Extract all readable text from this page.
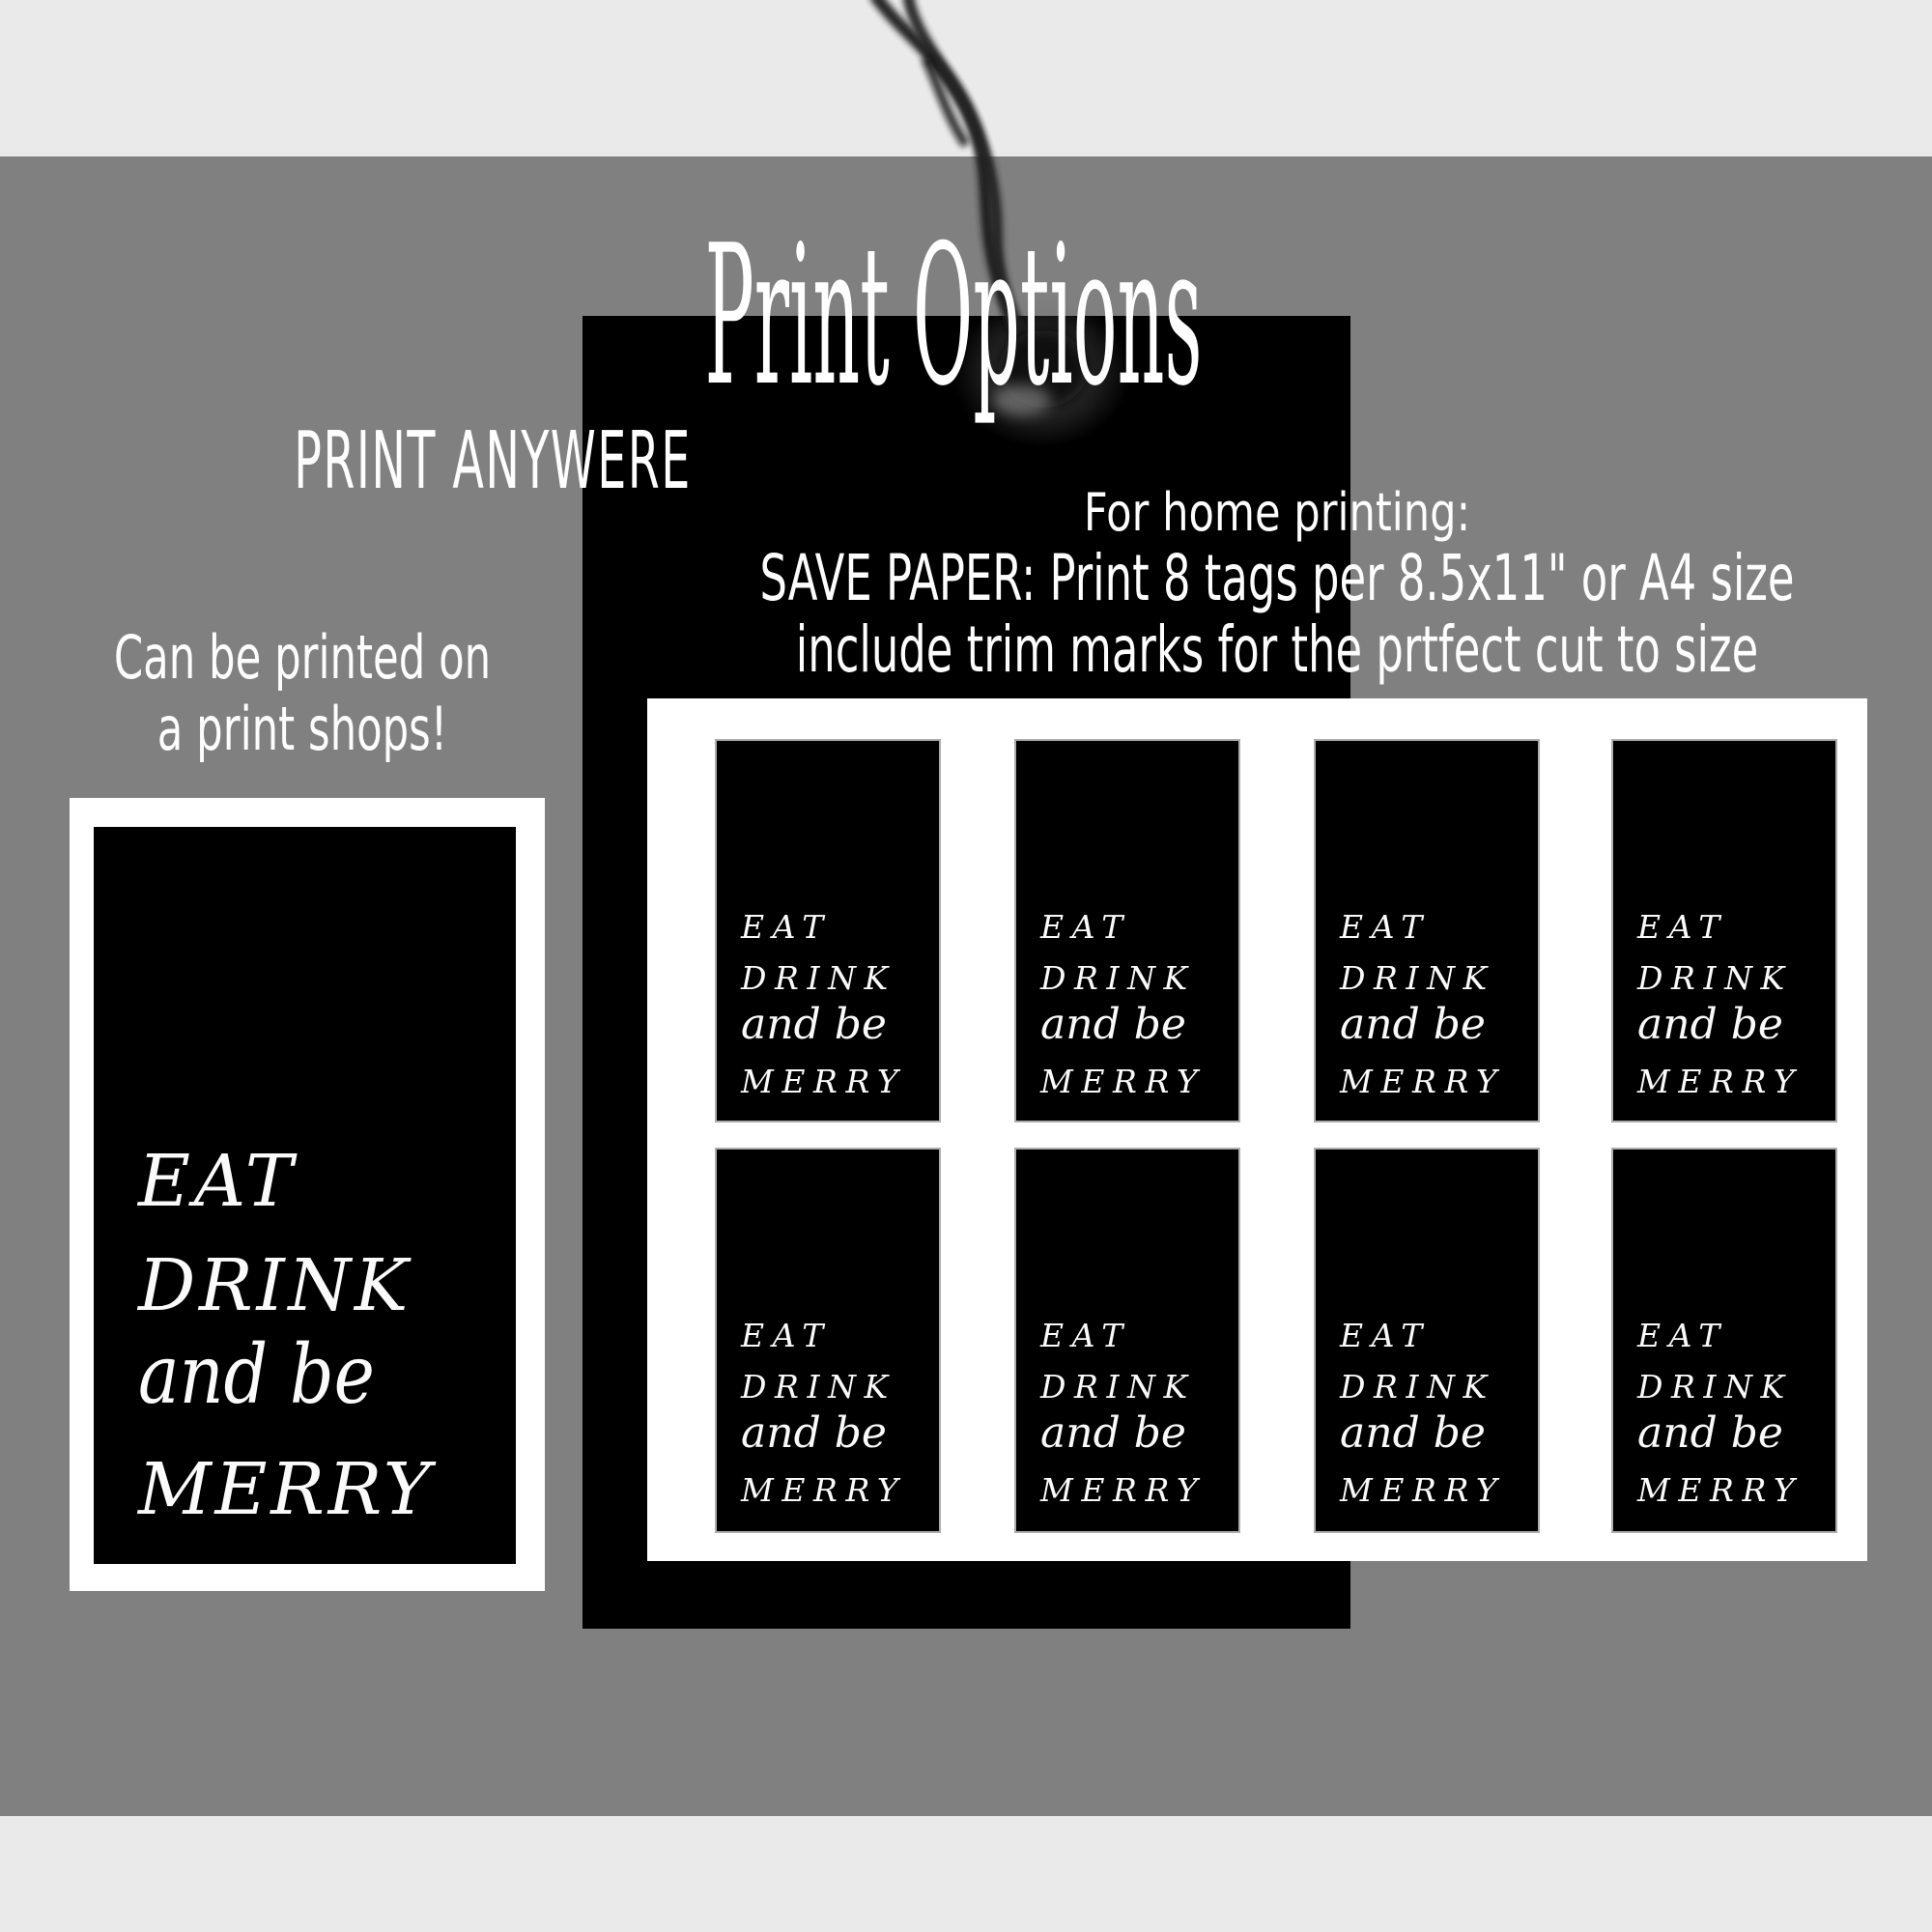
Print Options
PRINT ANYWERE
For home printing:
SAVE PAPER: Print 8 tags per 8.5x11" or A4 size
include trim marks for the prtfect cut to size
Can be printed on
a print shops!
EAT
DRINK
and be
MERRY
EAT
DRINK
and be
MERRY
EAT
DRINK
and be
MERRY
EAT
DRINK
and be
MERRY
EAT
DRINK
and be
MERRY
EAT
DRINK
and be
MERRY
EAT
DRINK
and be
MERRY
EAT
DRINK
and be
MERRY
EAT
DRINK
and be
MERRY
